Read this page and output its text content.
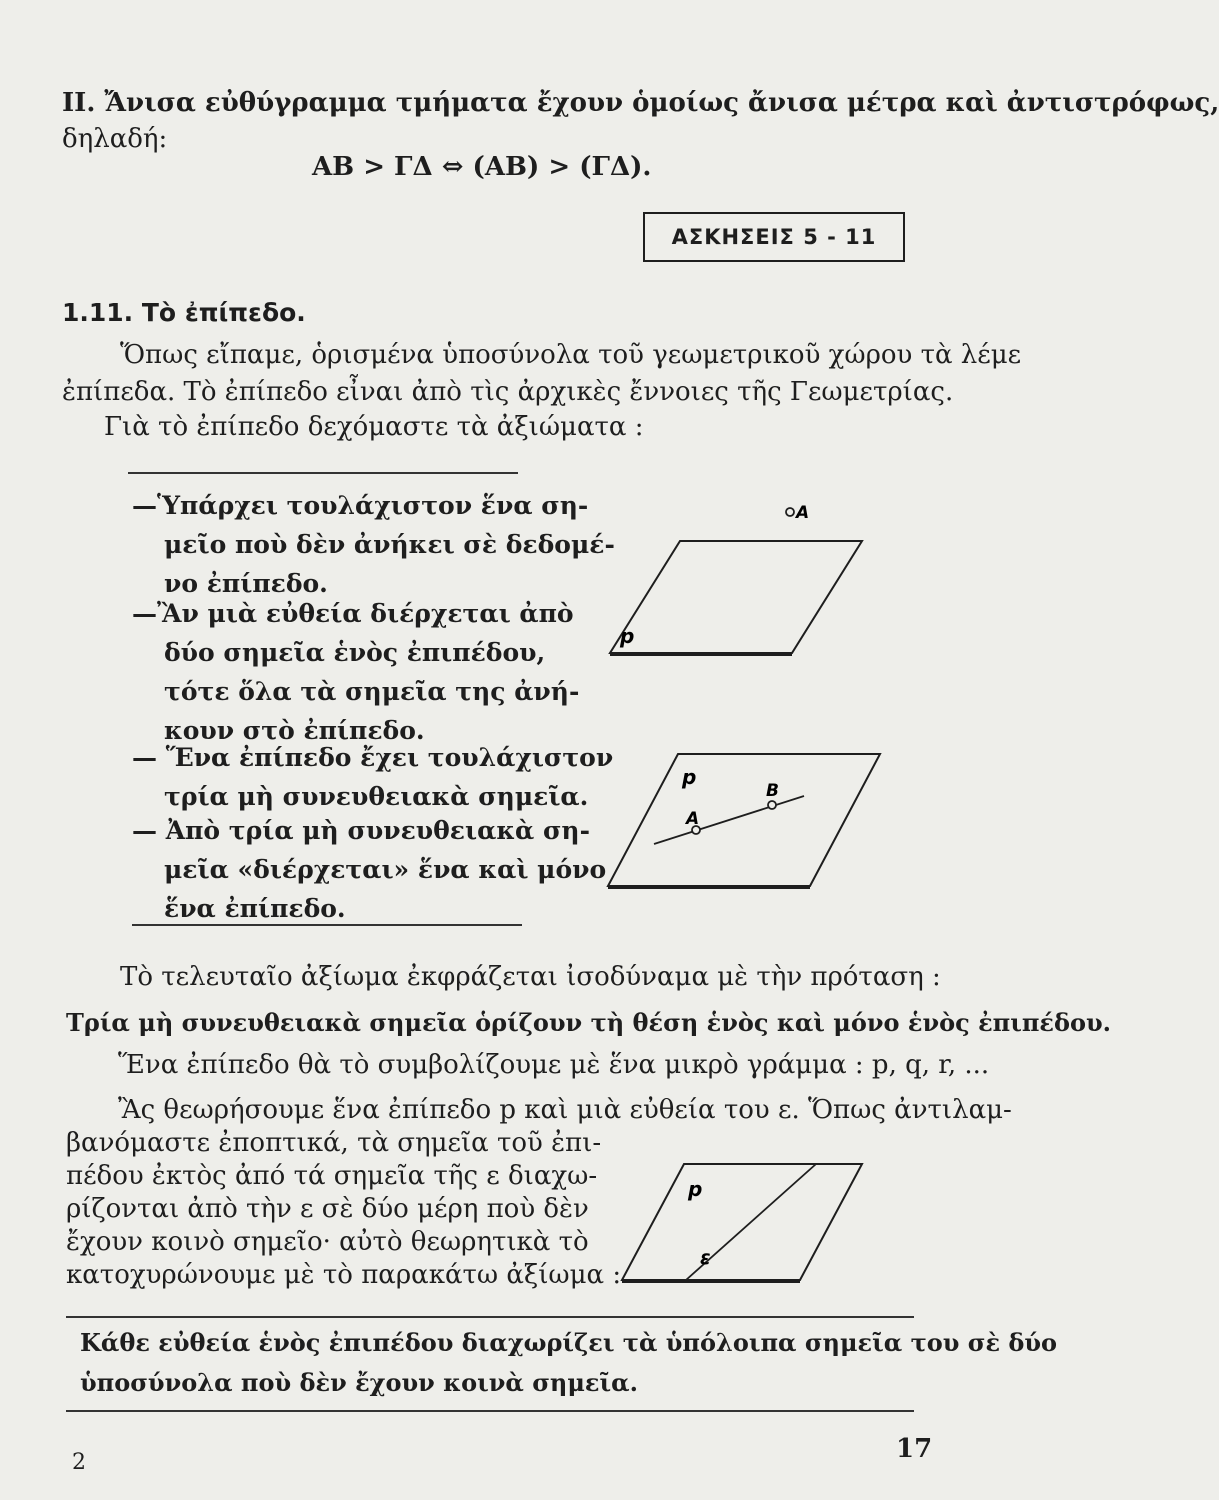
ΙΙ. Ἄνισα εὐθύγραμμα τμήματα ἔχουν ὁμοίως ἄνισα μέτρα καὶ ἀντιστρόφως,
δηλαδή:
ΑΒ > ΓΔ ⇔ (ΑΒ) > (ΓΔ).
ΑΣΚΗΣΕΙΣ 5 - 11
1.11. Τὸ ἐπίπεδο.
Ὅπως εἴπαμε, ὁρισμένα ὑποσύνολα τοῦ γεωμετρικοῦ χώρου τὰ λέμε
ἐπίπεδα. Τὸ ἐπίπεδο εἶναι ἀπὸ τὶς ἀρχικὲς ἔννοιες τῆς Γεωμετρίας.
Γιὰ τὸ ἐπίπεδο δεχόμαστε τὰ ἀξιώματα :
—Ὑπάρχει τουλάχιστον ἕνα ση-
μεῖο ποὺ δὲν ἀνήκει σὲ δεδομέ-
νο ἐπίπεδο.
—Ἂν μιὰ εὐθεία διέρχεται ἀπὸ
δύο σημεῖα ἑνὸς ἐπιπέδου,
τότε ὅλα τὰ σημεῖα της ἀνή-
κουν στὸ ἐπίπεδο.
— Ἕνα ἐπίπεδο ἔχει τουλάχιστον
τρία μὴ συνευθειακὰ σημεῖα.
— Ἀπὸ τρία μὴ συνευθειακὰ ση-
μεῖα «διέρχεται» ἕνα καὶ μόνο
ἕνα ἐπίπεδο.
A
p
p
A
B
Τὸ τελευταῖο ἀξίωμα ἐκφράζεται ἰσοδύναμα μὲ τὴν πρόταση :
Τρία μὴ συνευθειακὰ σημεῖα ὁρίζουν τὴ θέση ἑνὸς καὶ μόνο ἑνὸς ἐπιπέδου.
Ἕνα ἐπίπεδο θὰ τὸ συμβολίζουμε μὲ ἕνα μικρὸ γράμμα : p, q, r, ...
Ἂς θεωρήσουμε ἕνα ἐπίπεδο p καὶ μιὰ εὐθεία του ε. Ὅπως ἀντιλαμ-
βανόμαστε ἐποπτικά, τὰ σημεῖα τοῦ ἐπι-
πέδου ἐκτὸς ἀπό τά σημεῖα τῆς ε διαχω-
ρίζονται ἀπὸ τὴν ε σὲ δύο μέρη ποὺ δὲν
ἔχουν κοινὸ σημεῖο· αὐτὸ θεωρητικὰ τὸ
κατοχυρώνουμε μὲ τὸ παρακάτω ἀξίωμα :
p
ε
Κάθε εὐθεία ἑνὸς ἐπιπέδου διαχωρίζει τὰ ὑπόλοιπα σημεῖα του σὲ δύο
ὑποσύνολα ποὺ δὲν ἔχουν κοινὰ σημεῖα.
2	17
